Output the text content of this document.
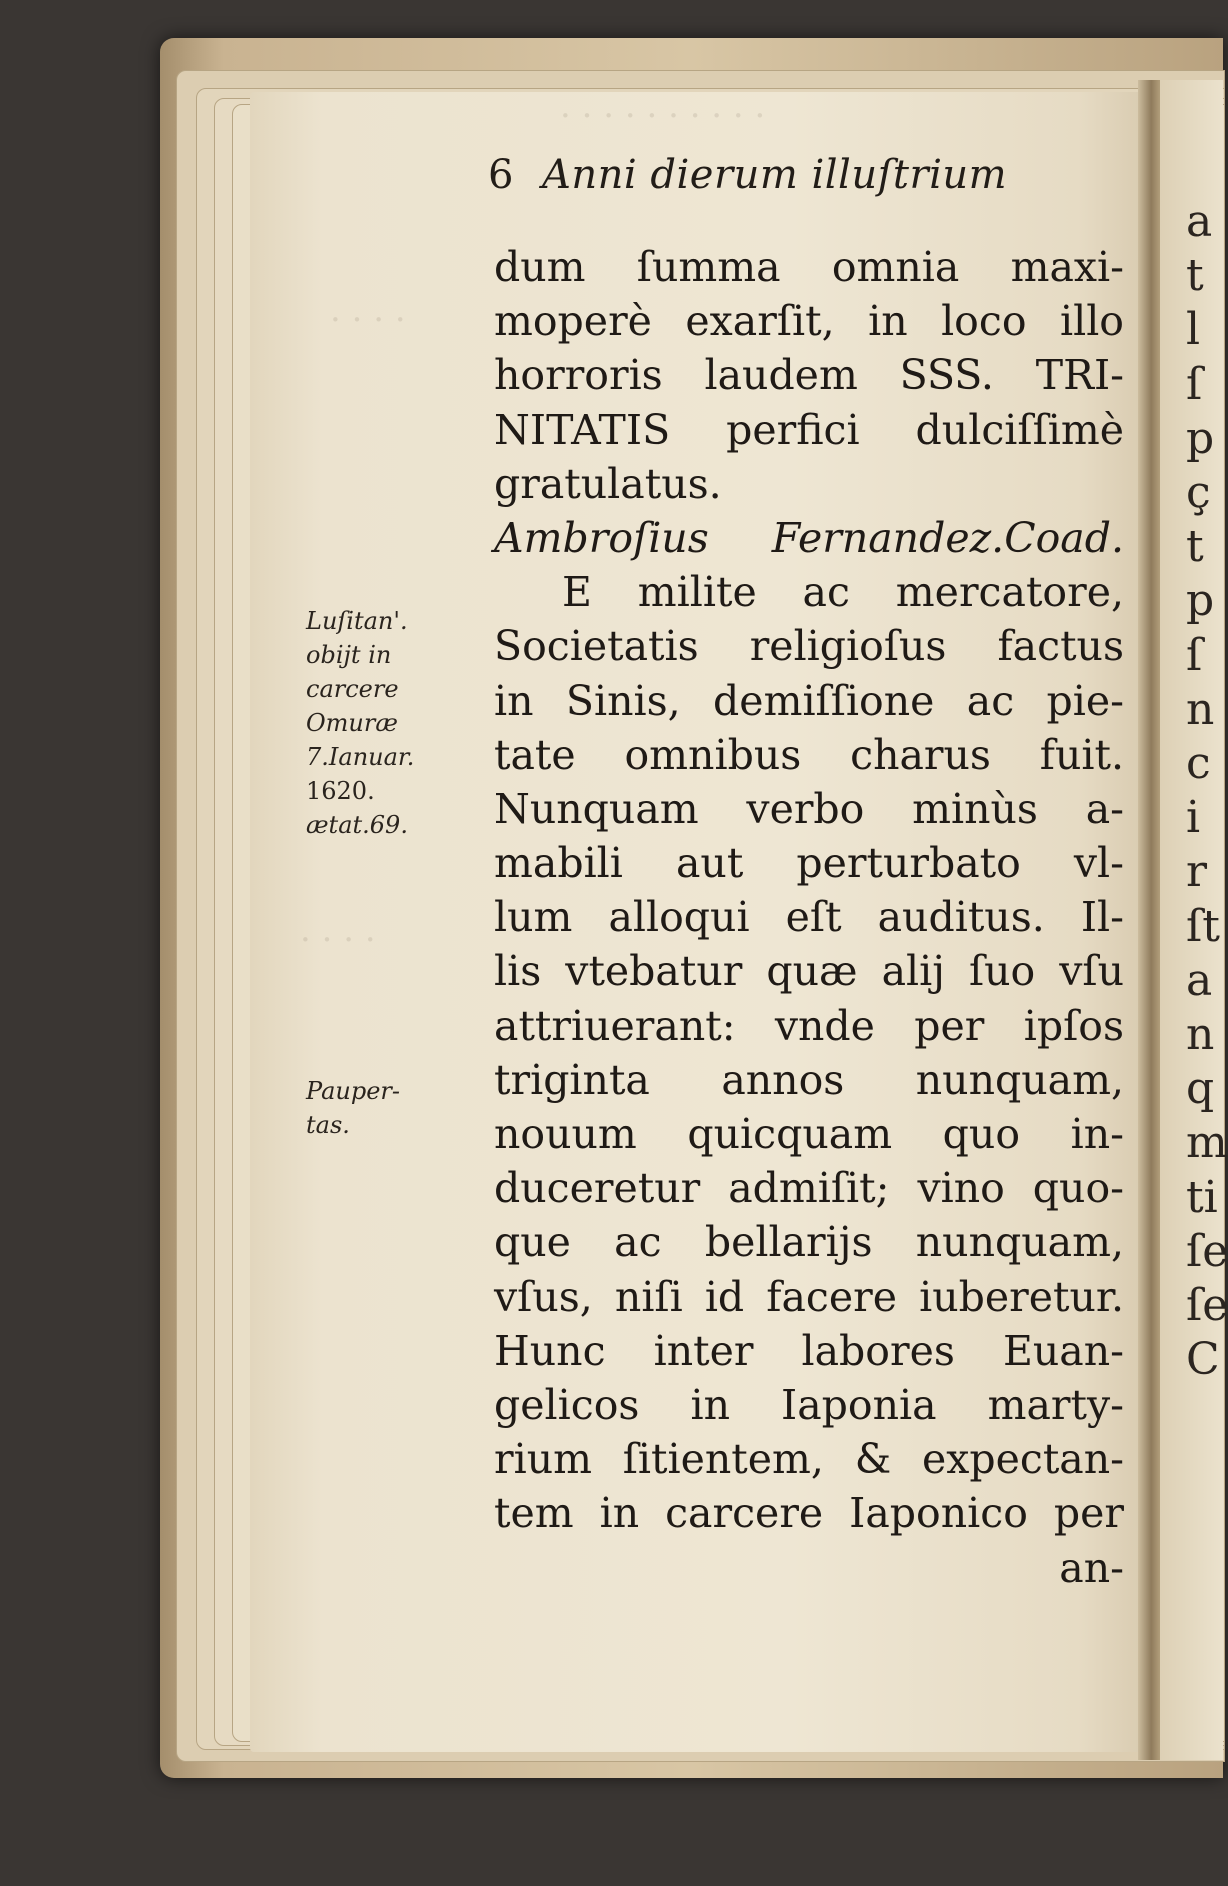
a
t
l
ſ
p
ç
t
p
ſ
n
c
i
r
ſt
a
n
q
m
ti
ſe
ſe
C
· · · · · · · · · ·
· · · ·
· · · ·
6 Anni dierum illuſtrium
dum ſumma omnia maxi-
moperè exarſit, in loco illo
horroris laudem SSS. TRI-
NITATIS perfici dulciſſimè
gratulatus.
Ambroſius Fernandez.Coad.
E milite ac mercatore,
Societatis religioſus factus
in Sinis, demiſſione ac pie-
tate omnibus charus fuit.
Nunquam verbo minùs a-
mabili aut perturbato vl-
lum alloqui eſt auditus. Il-
lis vtebatur quæ alij ſuo vſu
attriuerant: vnde per ipſos
triginta annos nunquam,
nouum quicquam quo in-
duceretur admiſit; vino quo-
que ac bellarijs nunquam,
vſus, niſi id facere iuberetur.
Hunc inter labores Euan-
gelicos in Iaponia marty-
rium ſitientem, & expectan-
tem in carcere Iaponico per
an-
Luſitan'.
obijt in
carcere
Omuræ
7.Ianuar.
1620.
ætat.69.
Pauper-
tas.
